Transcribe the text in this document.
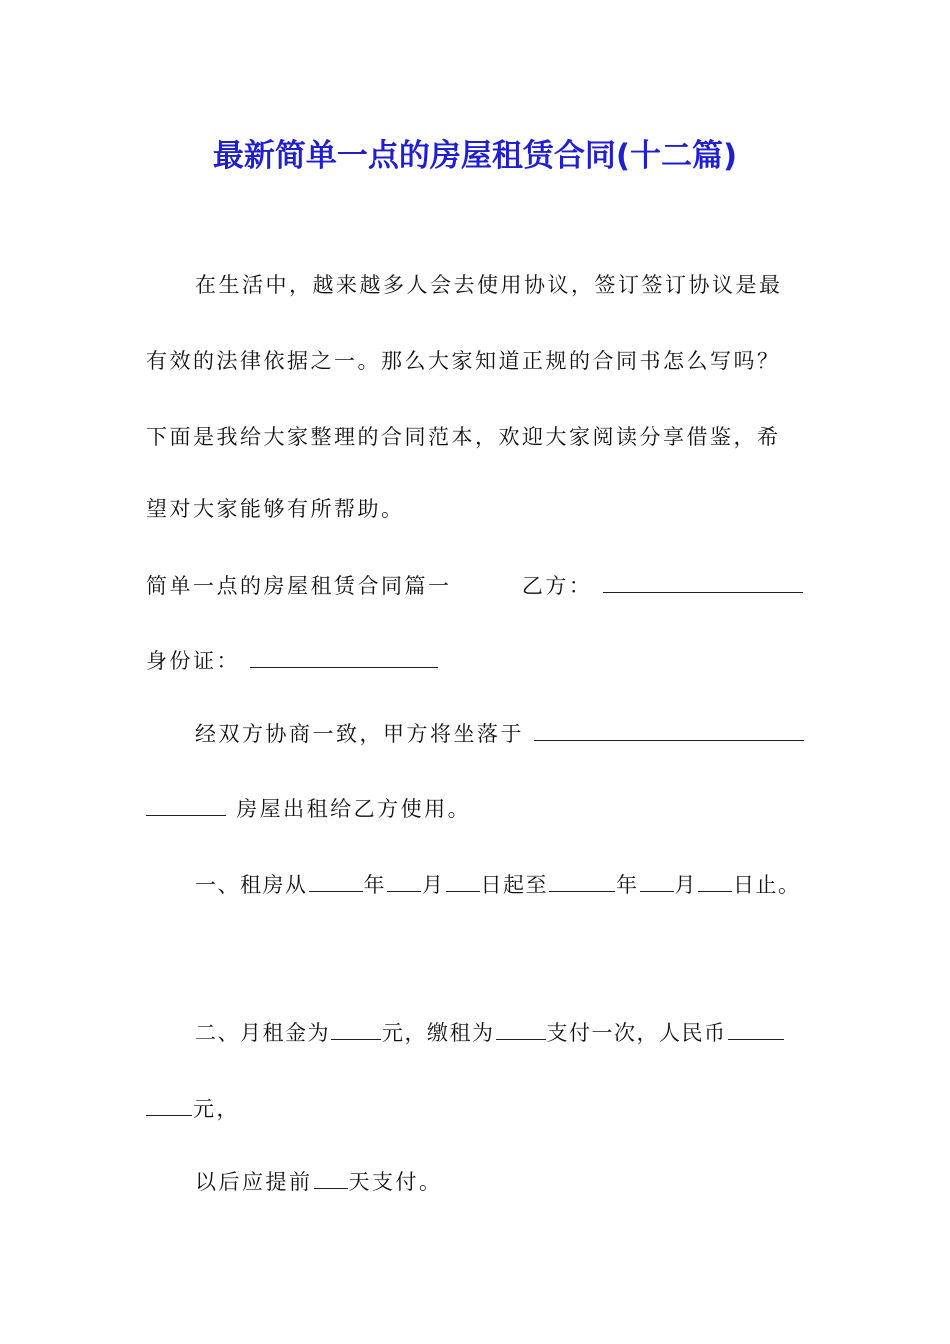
最新简单一点的房屋租赁合同(十二篇)
在生活中，越来越多人会去使用协议，签订签订协议是最
有效的法律依据之一。那么大家知道正规的合同书怎么写吗？
下面是我给大家整理的合同范本，欢迎大家阅读分享借鉴，希
望对大家能够有所帮助。
简单一点的房屋租赁合同篇一	乙方：
身份证：
经双方协商一致，甲方将坐落于
房屋出租给乙方使用。
一、租房从	年 月 日起至	年 月 日止。
二、月租金为 元，缴租为 支付一次，人民币
元，
以后应提前 天支付。
